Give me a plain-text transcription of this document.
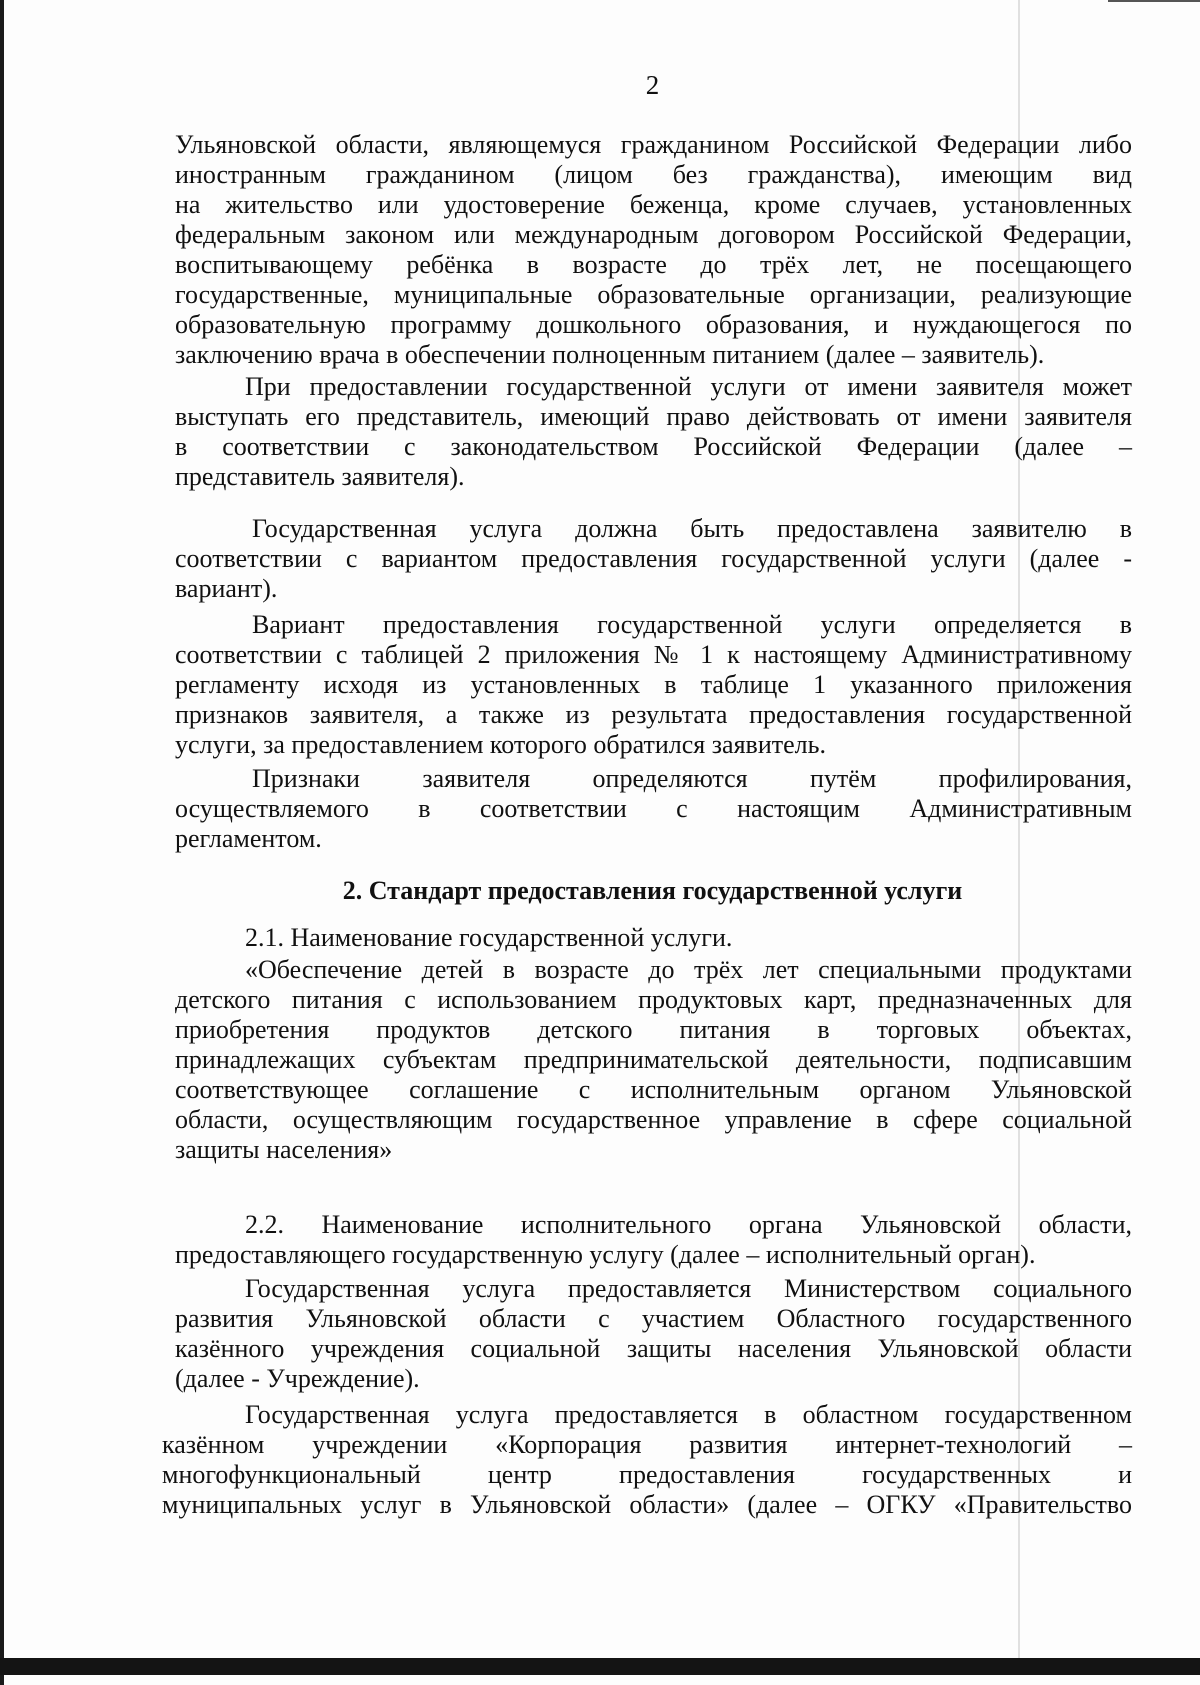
2
Ульяновской области, являющемуся гражданином Российской Федерации либо
иностранным гражданином (лицом без гражданства), имеющим вид
на жительство или удостоверение беженца, кроме случаев, установленных
федеральным законом или международным договором Российской Федерации,
воспитывающему ребёнка в возрасте до трёх лет, не посещающего
государственные, муниципальные образовательные организации, реализующие
образовательную программу дошкольного образования, и нуждающегося по
заключению врача в обеспечении полноценным питанием (далее – заявитель).
При предоставлении государственной услуги от имени заявителя может
выступать его представитель, имеющий право действовать от имени заявителя
в соответствии с законодательством Российской Федерации (далее –
представитель заявителя).
Государственная услуга должна быть предоставлена заявителю в
соответствии с вариантом предоставления государственной услуги (далее -
вариант).
Вариант предоставления государственной услуги определяется в
соответствии с таблицей 2 приложения № 1 к настоящему Административному
регламенту исходя из установленных в таблице 1 указанного приложения
признаков заявителя, а также из результата предоставления государственной
услуги, за предоставлением которого обратился заявитель.
Признаки заявителя определяются путём профилирования,
осуществляемого в соответствии с настоящим Административным
регламентом.
2. Стандарт предоставления государственной услуги
2.1. Наименование государственной услуги.
«Обеспечение детей в возрасте до трёх лет специальными продуктами
детского питания с использованием продуктовых карт, предназначенных для
приобретения продуктов детского питания в торговых объектах,
принадлежащих субъектам предпринимательской деятельности, подписавшим
соответствующее соглашение с исполнительным органом Ульяновской
области, осуществляющим государственное управление в сфере социальной
защиты населения»
2.2. Наименование исполнительного органа Ульяновской области,
предоставляющего государственную услугу (далее – исполнительный орган).
Государственная услуга предоставляется Министерством социального
развития Ульяновской области с участием Областного государственного
казённого учреждения социальной защиты населения Ульяновской области
(далее - Учреждение).
Государственная услуга предоставляется в областном государственном
казённом учреждении «Корпорация развития интернет-технологий –
многофункциональный центр предоставления государственных и
муниципальных услуг в Ульяновской области» (далее – ОГКУ «Правительство
